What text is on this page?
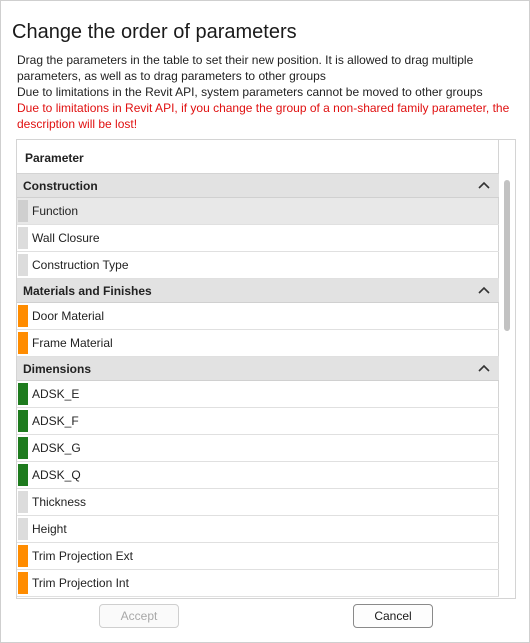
Change the order of parameters
Drag the parameters in the table to set their new position. It is allowed to drag multiple parameters, as well as to drag parameters to other groups
Due to limitations in the Revit API, system parameters cannot be moved to other groups
Due to limitations in Revit API, if you change the group of a non-shared family parameter, the description will be lost!
Parameter
Construction
Function
Wall Closure
Construction Type
Materials and Finishes
Door Material
Frame Material
Dimensions
ADSK_E
ADSK_F
ADSK_G
ADSK_Q
Thickness
Height
Trim Projection Ext
Trim Projection Int
Accept	Cancel
